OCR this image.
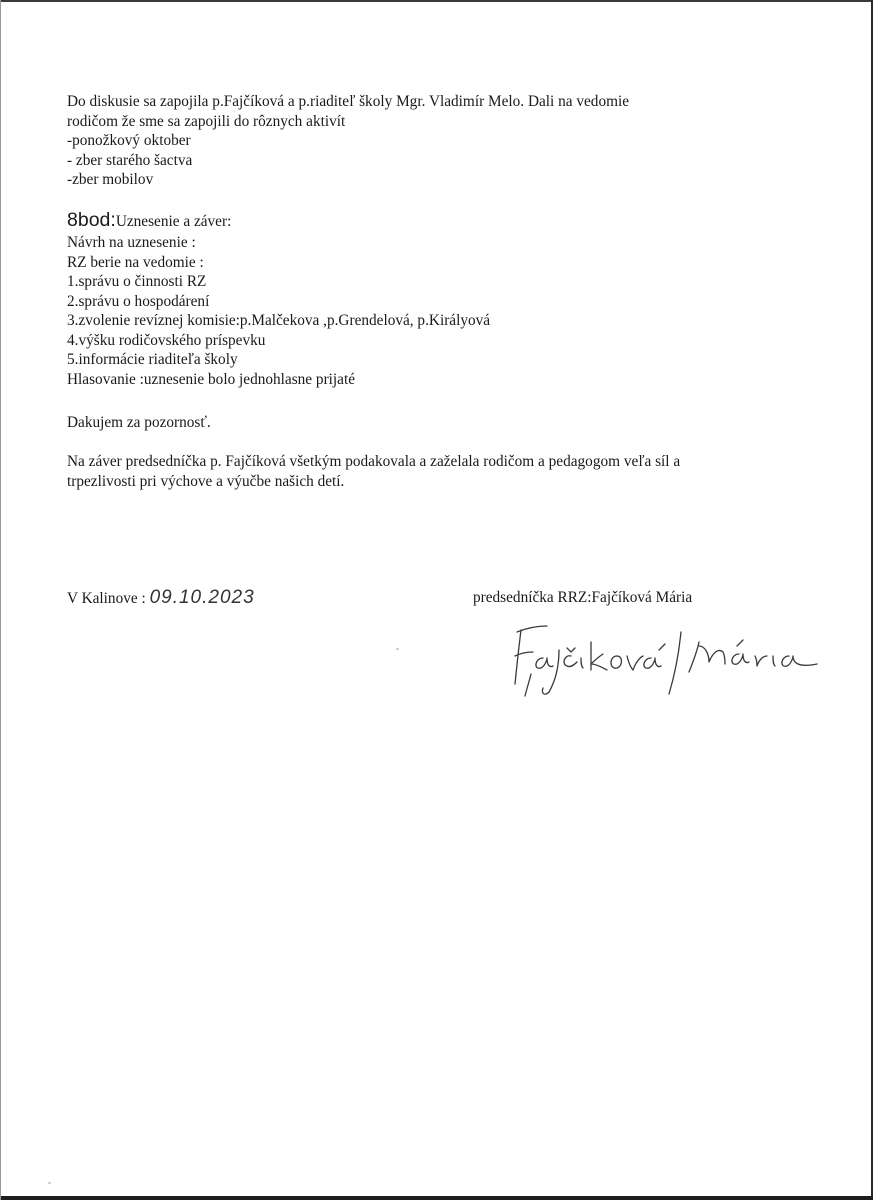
Do diskusie sa zapojila p.Fajčíková a p.riaditeľ školy Mgr. Vladimír Melo. Dali na vedomie
rodičom že sme sa zapojili do rôznych aktivít
-ponožkový oktober
- zber starého šactva
-zber mobilov
8bod:Uznesenie a záver:
Návrh na uznesenie :
RZ berie na vedomie :
1.správu o činnosti RZ
2.správu o hospodárení
3.zvolenie revíznej komisie:p.Malčekova ,p.Grendelová, p.Királyová
4.výšku rodičovského príspevku
5.informácie riaditeľa školy
Hlasovanie :uznesenie bolo jednohlasne prijaté
Dakujem za pozornosť.
Na záver predsedníčka p. Fajčíková všetkým podakovala a zaželala rodičom a pedagogom veľa síl a
trpezlivosti pri výchove a výučbe našich detí.
V Kalinove : 09.10.2023	predsedníčka RRZ:Fajčíková Mária
